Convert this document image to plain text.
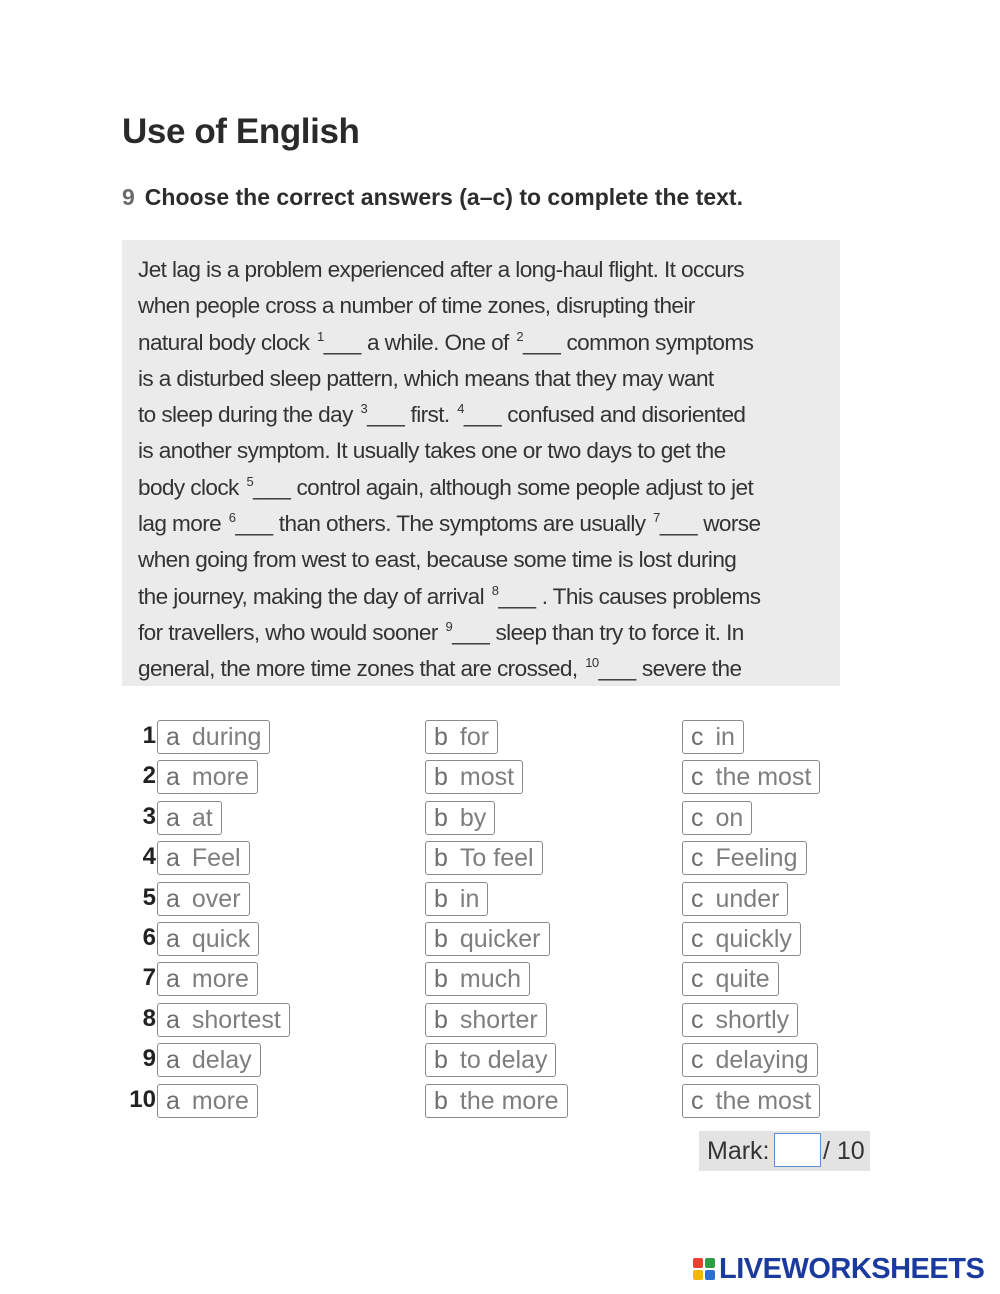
Use of English
9 Choose the correct answers (a–c) to complete the text.

Jet lag is a problem experienced after a long-haul flight. It occurs
when people cross a number of time zones, disrupting their
natural body clock $^1$___ a while. One of $^2$___ common symptoms
is a disturbed sleep pattern, which means that they may want
to sleep during the day $^3$___ first. $^4$___ confused and disoriented
is another symptom. It usually takes one or two days to get the
body clock $^5$___ control again, although some people adjust to jet
lag more $^6$___ than others. The symptoms are usually $^7$___ worse
when going from west to east, because some time is lost during
the journey, making the day of arrival $^8$___ . This causes problems
for travellers, who would sooner $^9$___ sleep than try to force it. In
general, the more time zones that are crossed, $^{10}$___ severe the

1 a during	b for	c in
2 a more	b most	c the most
3 a at	b by	c on
4 a Feel	b To feel	c Feeling
5 a over	b in	c under
6 a quick	b quicker	c quickly
7 a more	b much	c quite
8 a shortest	b shorter	c shortly
9 a delay	b to delay	c delaying
10 a more	b the more	c the most
Mark: / 10
LIVEWORKSHEETS
